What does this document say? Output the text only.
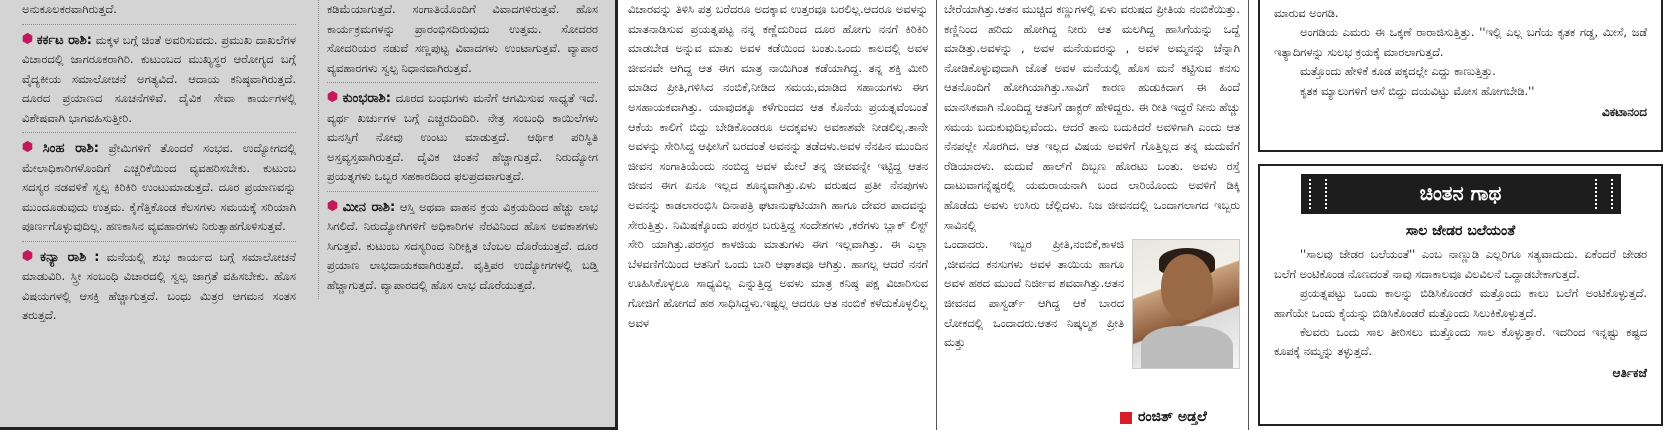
ಅನುಕೂಲಕರವಾಗಿರುತ್ತದೆ.
ಕರ್ಕಟ ರಾಶಿ: ಮಕ್ಕಳ ಬಗ್ಗೆ ಚಿಂತೆ ಅವರಿಸುವದು. ಪ್ರಮುಖ ದಾಖಲೆಗಳ ವಿಚಾರದಲ್ಲಿ ಜಾಗರೂಕರಾಗಿರಿ. ಕುಟುಂಬದ ಮುಖ್ಯಸ್ಥರ ಆರೋಗ್ಯದ ಬಗ್ಗೆ ವೈದ್ಯಕೀಯ ಸಮಾಲೋಚನೆ ಅಗತ್ಯವಿದೆ. ಆದಾಯ ಕನಿಷ್ಠವಾಗಿರುತ್ತದೆ. ದೂರದ ಪ್ರಯಾಣದ ಸೂಚನೆಗಳಿವೆ. ದೈವಿಕ ಸೇವಾ ಕಾರ್ಯಗಳಲ್ಲಿ ವಿಶೇಷವಾಗಿ ಭಾಗವಹಿಸುತ್ತೀರಿ.
ಸಿಂಹ ರಾಶಿ: ಪ್ರೇಮಿಗಳಿಗೆ ತೊಂದರೆ ಸಂಭವ. ಉದ್ಯೋಗದಲ್ಲಿ ಮೇಲಾಧಿಕಾರಿಗಳೊಂದಿಗೆ ಎಚ್ಚರಿಕೆಯಿಂದ ವ್ಯವಹರಿಸಬೇಕು. ಕುಟುಂಬ ಸದಸ್ಯರ ನಡವಳಿಕೆ ಸ್ವಲ್ಪ ಕಿರಿಕಿರಿ ಉಂಟುಮಾಡುತ್ತದೆ. ದೂರ ಪ್ರಯಾಣವನ್ನು ಮುಂದೂಡುವುದು ಉತ್ತಮ. ಕೈಗೆತ್ತಿಕೊಂಡ ಕೆಲಸಗಳು ಸಮಯಕ್ಕೆ ಸರಿಯಾಗಿ ಪೂರ್ಣಗೊಳ್ಳುವುದಿಲ್ಲ. ಹಣಕಾಸಿನ ವ್ಯವಹಾರಗಳು ನಿರುತ್ಸಾಹಗೊಳಿಸುತ್ತವೆ.
ಕನ್ಯಾ ರಾಶಿ : ಮನೆಯಲ್ಲಿ ಶುಭ ಕಾರ್ಯದ ಬಗ್ಗೆ ಸಮಾಲೋಚನೆ ಮಾಡುವಿರಿ. ಸ್ತ್ರೀ ಸಂಬಂಧಿ ವಿಚಾರದಲ್ಲಿ ಸ್ವಲ್ಪ ಜಾಗ್ರತೆ ವಹಿಸಬೇಕು. ಹೊಸ ವಿಷಯಗಳಲ್ಲಿ ಆಸಕ್ತಿ ಹೆಚ್ಚಾಗುತ್ತದೆ. ಬಂಧು ಮಿತ್ರರ ಆಗಮನ ಸಂತಸ ತರುತ್ತದೆ.
ಕಡಿಮೆಯಾಗುತ್ತದೆ. ಸಂಗಾತಿಯೊಂದಿಗೆ ವಿವಾದಗಳಿರುತ್ತವೆ. ಹೊಸ ಕಾರ್ಯಕ್ರಮಗಳನ್ನು ಪ್ರಾರಂಭಿಸದಿರುವುದು ಉತ್ತಮ. ಸೋದರರ ಸೋದರಿಯರ ನಡುವೆ ಸಣ್ಣಪುಟ್ಟ ವಿವಾದಗಳು ಉಂಟಾಗುತ್ತವೆ. ವ್ಯಾಪಾರ ವ್ಯವಹಾರಗಳು ಸ್ವಲ್ಪ ನಿಧಾನವಾಗಿರುತ್ತವೆ.
ಕುಂಭರಾಶಿ: ದೂರದ ಬಂಧುಗಳು ಮನೆಗೆ ಆಗಮಿಸುವ ಸಾಧ್ಯತೆ ಇದೆ. ವ್ಯರ್ಥ ಖರ್ಚುಗಳ ಬಗ್ಗೆ ಎಚ್ಚರದಿಂದಿರಿ. ನೇತ್ರ ಸಂಬಂಧಿ ಕಾಯಿಲೆಗಳು ಮನಸ್ಸಿಗೆ ನೋವು ಉಂಟು ಮಾಡುತ್ತದೆ. ಆರ್ಥಿಕ ಪರಿಸ್ಥಿತಿ ಅಸ್ತವ್ಯಸ್ತವಾಗಿರುತ್ತದೆ. ದೈವಿಕ ಚಿಂತನೆ ಹೆಚ್ಚಾಗುತ್ತದೆ. ನಿರುದ್ಯೋಗ ಪ್ರಯತ್ನಗಳು ಒಬ್ಬರ ಸಹಕಾರದಿಂದ ಫಲಪ್ರದವಾಗುತ್ತದೆ.
ಮೀನ ರಾಶಿ: ಆಸ್ತಿ ಅಥವಾ ವಾಹನ ಕ್ರಯ ವಿಕ್ರಯದಿಂದ ಹೆಚ್ಚು ಲಾಭ ಸಿಗಲಿದೆ. ನಿರುದ್ಯೋಗಿಗಳಿಗೆ ಅಧಿಕಾರಿಗಳ ನೆರವಿನಿಂದ ಹೊಸ ಅವಕಾಶಗಳು ಸಿಗುತ್ತವೆ. ಕುಟುಂಬ ಸದಸ್ಯರಿಂದ ನಿರೀಕ್ಷಿತ ಬೆಂಬಲ ದೊರೆಯುತ್ತದೆ. ದೂರ ಪ್ರಯಾಣ ಲಾಭದಾಯಕವಾಗಿರುತ್ತದೆ. ವೃತ್ತಿಪರ ಉದ್ಯೋಗಗಳಲ್ಲಿ ಬಡ್ತಿ ಹೆಚ್ಚಾಗುತ್ತದೆ. ವ್ಯಾಪಾರದಲ್ಲಿ ಹೊಸ ಲಾಭ ದೊರೆಯುತ್ತದೆ.
ವಿಚಾರವನ್ನು ತಿಳಿಸಿ ಪತ್ರ ಬರೆದರೂ ಅದಕ್ಕಾವ ಉತ್ತರವೂ ಬರಲಿಲ್ಲ.ಆದರೂ ಅವಳನ್ನು ಮಾತನಾಡಿಸುವ ಪ್ರಯತ್ನಪಟ್ಟ ನನ್ನ ಕಣ್ಣೆದುರಿಂದ ದೂರ ಹೋಗು ನನಗೆ ಕಿರಿಕಿರಿ ಮಾಡಬೇಡ ಅನ್ನುವ ಮಾತು ಅವಳ ಕಡೆಯಿಂದ ಬಂತು.ಒಂದು ಕಾಲದಲ್ಲಿ ಅವಳ ಜೀವನವೇ ಆಗಿದ್ದ ಆತ ಈಗ ಮಾತ್ರ ನಾಯಿಗಿಂತ ಕಡೆಯಾಗಿದ್ದ. ತನ್ನ ಶಕ್ತಿ ಮೀರಿ ಮಾಡಿದ ಪ್ರೀತಿ,ಗಳಿಸಿದ ನಂಬಿಕೆ,ನೀಡಿದ ಸಮಯ,ಮಾಡಿದ ಸಹಾಯಗಳು ಈಗ ಅಸಹಾಯಕವಾಗಿತ್ತು. ಯಾವುದಕ್ಕೂ ಕಳೆಗುಂದದ ಆತ ಕೊನೆಯ ಪ್ರಯತ್ನವೆಂಬಂತೆ ಆಕೆಯ ಕಾಲಿಗೆ ಬಿದ್ದು ಬೇಡಿಕೊಂಡರೂ ಅದಕ್ಕವಳು ಅವಕಾಶವೇ ನೀಡಲಿಲ್ಲ.ತಾನೇ ಅವಳನ್ನು ಸೇರಿಸಿದ್ದ ಆಫೀಸಿಗೆ ಬರದಂತೆ ಅವನನ್ನು ತಡೆದಳು.ಅವಳ ನೆನಪಿನ ಮುಂದಿನ ಜೀವನ ಸಂಗಾತಿಯೆಂದು ನಂಬಿದ್ದ ಅವಳ ಮೇಲೆ ತನ್ನ ಜೀವವನ್ನೇ ಇಟ್ಟಿದ್ದ ಆತನ ಜೀವನ ಈಗ ಏನೂ ಇಲ್ಲದ ಶೂನ್ಯವಾಗಿತ್ತು.ಏಳು ವರುಷದ ಪ್ರತೀ ನೆನಪುಗಳು ಅವನನ್ನು ಕಾಡಲಾರಂಭಿಸಿ ದಿನಾಪತ್ರಿ ಘಟಾನುಘಟಿಯಾಗಿ ಹಾಗೂ ದೇವರ ಪಾದವನ್ನು ಸೇರುತ್ತಿತ್ತು. ನಿಮಿಷಕ್ಕೊಂದು ಪರಸ್ಪರ ಬರುತ್ತಿದ್ದ ಸಂದೇಶಗಳು ,ಕರೆಗಳು ಬ್ಲಾಕ್ ಲಿಸ್ಟ್ ಸೇರಿ ಯಾಗಿತ್ತು.ಪರಸ್ಪರ ಕಾಳಜಿಯ ಮಾತುಗಳು ಈಗ ಇಲ್ಲವಾಗಿತ್ತು. ಈ ಎಲ್ಲಾ ಬೆಳವಣಿಗೆಯಿಂದ ಆತನಿಗೆ ಒಂದು ಬಾರಿ ಆಘಾತವೂ ಆಗಿತ್ತು. ಹಾಗಲ್ಲ ಆದರೆ ನನಗೆ ಊಹಿಸಿಕೊಳ್ಳಲೂ ಸಾಧ್ಯವಿಲ್ಲ ಎನ್ನುತ್ತಿದ್ದ ಅವಳು ಮಾತ್ರ ಕನಿಷ್ಠ ಪಕ್ಷ ವಿಚಾರಿಸುವ ಗೋಜಿಗೆ ಹೋಗದೆ ಹಠ ಸಾಧಿಸಿದ್ದಳು.ಇಷ್ಟಲ್ಲ ಆದರೂ ಆತ ನಂಬಿಕೆ ಕಳೆದುಕೊಳ್ಳಲಿಲ್ಲ ಅವಳ
ಬೇರೆಯಾಗಿತ್ತು.ಆತನ ಮುಚ್ಚಿದ ಕಣ್ಣುಗಳಲ್ಲಿ ಏಳು ವರುಷದ ಪ್ರೀತಿಯ ನಂಬಿಕೆಯಿತ್ತು. ಕಣ್ಣಿನಿಂದ ಹರಿದು ಹೋಗಿದ್ದ ನೀರು ಆತ ಮಲಗಿದ್ದ ಹಾಸಿಗೆಯನ್ನು ಒದ್ದೆ ಮಾಡಿತ್ತು.ಅವಳನ್ನು , ಅವಳ ಮನೆಯವರನ್ನು , ಅವಳ ಅಮ್ಮನನ್ನು ಚೆನ್ನಾಗಿ ನೋಡಿಕೊಳ್ಳುವುದಾಗಿ ಜೊತೆ ಅವಳ ಮನೆಯಲ್ಲಿ ಹೊಸ ಮನೆ ಕಟ್ಟಿಸುವ ಕನಸು ಆತನೊಂದಿಗೆ ಹೋಗಿಯಾಗಿತ್ತು.ಸಾವಿಗೆ ಕಾರಣ ಹುಡುಕಿದಾಗ ಈ ಹಿಂದೆ ಮಾನಸಿಕವಾಗಿ ನೊಂದಿದ್ದ ಆತನಿಗೆ ಡಾಕ್ಟರ್ ಹೇಳಿದ್ದರು. ಈ ರೀತಿ ಇದ್ದರೆ ನೀನು ಹೆಚ್ಚು ಸಮಯ ಬದುಕುವುದಿಲ್ಲವೆಂದು. ಆದರೆ ತಾನು ಬದುಕಿದರೆ ಅವಳಿಗಾಗಿ ಎಂದು ಆತ ನೆನಪಲ್ಲೇ ಸೊರಗಿದ. ಆತ ಇಲ್ಲದ ವಿಷಯ ಅವಳಿಗೆ ಗೊತ್ತಿಲ್ಲದ ತನ್ನ ಮದುವೆಗೆ ರೆಡಿಯಾದಳು. ಮದುವೆ ಹಾಲ್‌ಗೆ ದಿಬ್ಬಣ ಹೊರಟು ಬಂತು. ಅವಳು ರಸ್ತೆ ದಾಟುವಾಗನ್ನೆಷ್ಟರಲ್ಲಿ ಯಮರಾಯನಾಗಿ ಬಂದ ಲಾರಿಯೊಂದು ಅವಳಿಗೆ ಡಿಕ್ಕಿ ಹೊಡೆದು ಅವಳು ಉಸಿರು ಚೆಲ್ಲಿದಳು. ನಿಜ ಜೀವನದಲ್ಲಿ ಒಂದಾಗಲಾಗದ ಇಬ್ಬರು ಸಾವಿನಲ್ಲಿ
ಒಂದಾದರು. ಇಬ್ಬರ ಪ್ರೀತಿ,ನಂಬಿಕೆ,ಕಾಳಜಿ ,ಜೀವನದ ಕನಸುಗಳು ಅವಳ ತಾಯಿಯ ಹಾಗೂ ಅವಳ ಹಠದ ಮುಂದೆ ನಿರ್ಜೀವ ಶವವಾಗಿತ್ತು.ಆತನ ಜೀವನದ ಪಾಸ್ವರ್ಡ್ ಆಗಿದ್ದ ಆಕೆ ಬಾರದ ಲೋಕದಲ್ಲಿ ಒಂದಾದರು.ಆತನ ನಿಷ್ಕಲ್ಮಶ ಪ್ರೀತಿ ಮತ್ತು
ರಂಜಿತ್ ಅಡ್ತಲೆ
ಮಾರುವ ಅಂಗಡಿ.
ಅಂಗಡಿಯ ಎಮರು ಈ ಒಕ್ಕಣೆ ರಾರಾಜಿಸುತ್ತಿತ್ತು. ''ಇಲ್ಲಿ ಎಲ್ಲ ಬಗೆಯ ಕೃತಕ ಗಡ್ಡ, ಮೀಸೆ, ಜಡೆ ಇತ್ಯಾದಿಗಳನ್ನು ಸುಲಭ ಕ್ರಯಕ್ಕೆ ಮಾರಲಾಗುತ್ತದೆ.
ಮತ್ತೊಂದು ಹೇಳಿಕೆ ಕೂಡ ಪಕ್ಕದಲ್ಲೇ ಎದ್ದು ಕಾಣುತ್ತಿತ್ತು.
ಕೃತಕ ಮ್ಯಾಲುಗಳಿಗೆ ಆಸೆ ಬಿದ್ದು ದಯವಿಟ್ಟು ಮೋಸ ಹೋಗಬೇಡಿ.''
ವಿಕಟಾನಂದ
ಚಿಂತನ ಗಾಥ
ಸಾಲ ಜೇಡರ ಬಲೆಯಂತೆ
''ಸಾಲವು ಜೇಡರ ಬಲೆಯಂತೆ'' ಎಂಬ ನಾಣ್ಣುಡಿ ಎಲ್ಲರಿಗೂ ಸತ್ಯವಾದುದು. ಏಕೆಂದರೆ ಜೇಡರ ಬಲೆಗೆ ಅಂಟಿಕೊಂಡ ನೊಣದಂತೆ ನಾವು ಸದಾಕಾಲವೂ ವಿಲವಿಲನೆ ಒದ್ದಾಡಬೇಕಾಗುತ್ತದೆ.
ಪ್ರಯತ್ನಪಟ್ಟು ಒಂದು ಕಾಲನ್ನು ಬಿಡಿಸಿಕೊಂಡರೆ ಮತ್ತೊಂದು ಕಾಲು ಬಲೆಗೆ ಅಂಟಿಕೊಳ್ಳುತ್ತದೆ. ಹಾಗೆಯೇ ಒಂದು ಕೈಯನ್ನು ಬಿಡಿಸಿಕೊಂಡರೆ ಮತ್ತೊಂದು ಸಿಲುಕಿಕೊಳ್ಳುತ್ತದೆ.
ಕೆಲವರು ಒಂದು ಸಾಲ ತೀರಿಸಲು ಮತ್ತೊಂದು ಸಾಲ ಕೊಳ್ಳುತ್ತಾರೆ. ಇದರಿಂದ ಇನ್ನಷ್ಟು ಕಷ್ಟದ ಕೂಪಕ್ಕೆ ನಮ್ಮನ್ನು ತಳ್ಳುತ್ತದೆ.
ಆರ್ತಿಕಜೆ
